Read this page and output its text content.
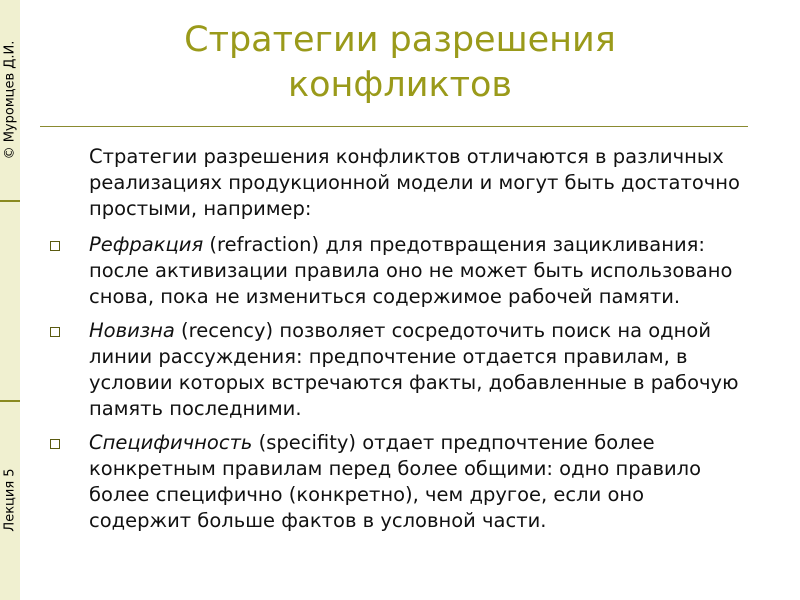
© Муромцев Д.И.
Лекция 5
Стратегии разрешения
конфликтов

Стратегии разрешения конфликтов отличаются в различных реализациях продукционной модели и могут быть достаточно простыми, например:

Рефракция (refraction) для предотвращения зацикливания: после активизации правила оно не может быть использовано снова, пока не измениться содержимое рабочей памяти.

Новизна (recency) позволяет сосредоточить поиск на одной линии рассуждения: предпочтение отдается правилам, в условии которых встречаются факты, добавленные в рабочую память последними.

Специфичность (specifity) отдает предпочтение более конкретным правилам перед более общими: одно правило более специфично (конкретно), чем другое, если оно содержит больше фактов в условной части.
